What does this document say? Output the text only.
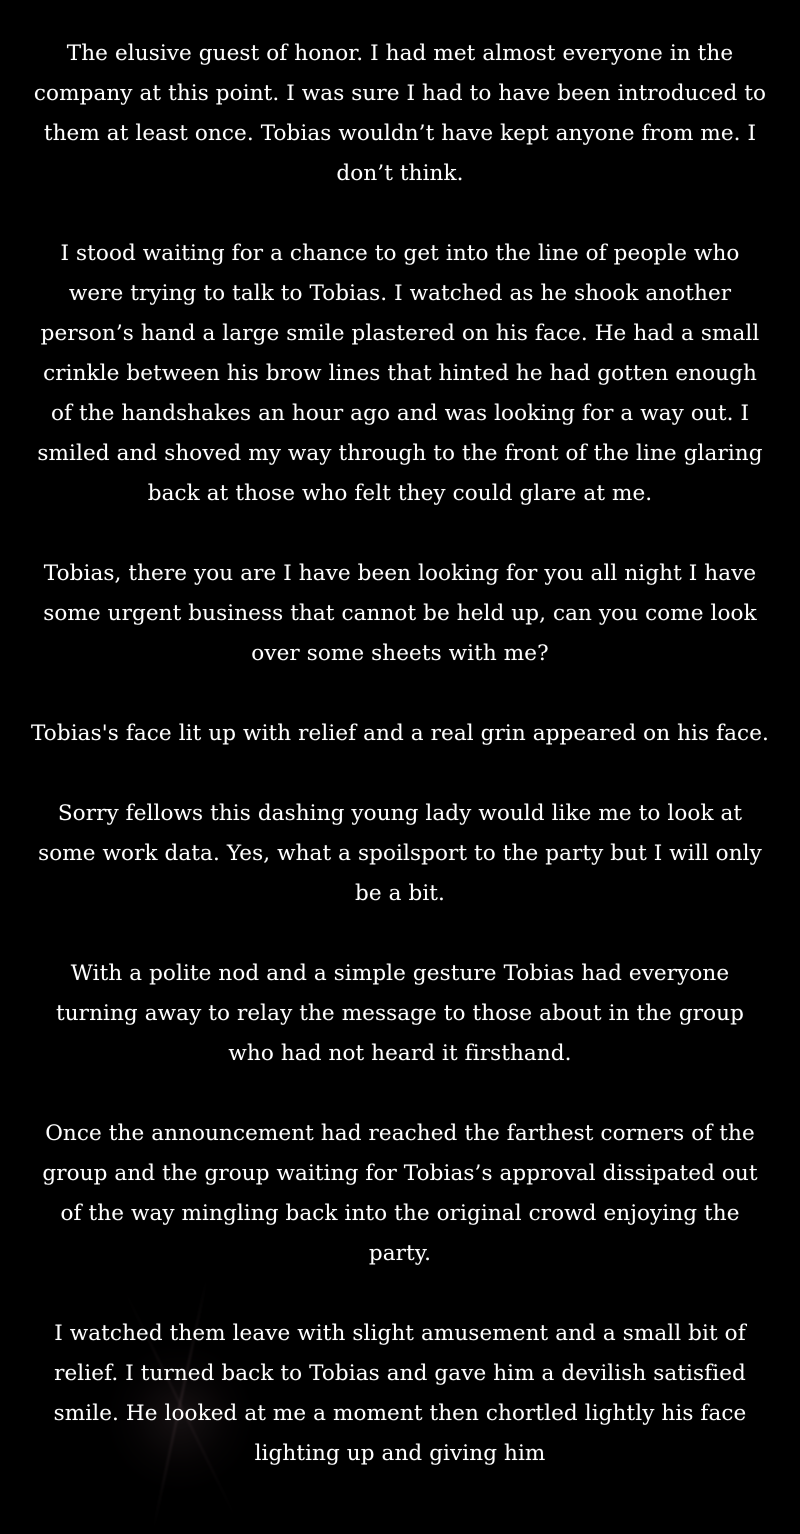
The elusive guest of honor. I had met almost everyone in the company at this point. I was sure I had to have been introduced to them at least once. Tobias wouldn’t have kept anyone from me. I don’t think.

I stood waiting for a chance to get into the line of people who were trying to talk to Tobias. I watched as he shook another person’s hand a large smile plastered on his face. He had a small crinkle between his brow lines that hinted he had gotten enough of the handshakes an hour ago and was looking for a way out. I smiled and shoved my way through to the front of the line glaring back at those who felt they could glare at me.

Tobias, there you are I have been looking for you all night I have some urgent business that cannot be held up, can you come look over some sheets with me?

Tobias's face lit up with relief and a real grin appeared on his face.

Sorry fellows this dashing young lady would like me to look at some work data. Yes, what a spoilsport to the party but I will only be a bit.

With a polite nod and a simple gesture Tobias had everyone turning away to relay the message to those about in the group who had not heard it firsthand.

Once the announcement had reached the farthest corners of the group and the group waiting for Tobias’s approval dissipated out of the way mingling back into the original crowd enjoying the party.

I watched them leave with slight amusement and a small bit of relief. I turned back to Tobias and gave him a devilish satisfied smile. He looked at me a moment then chortled lightly his face lighting up and giving him
